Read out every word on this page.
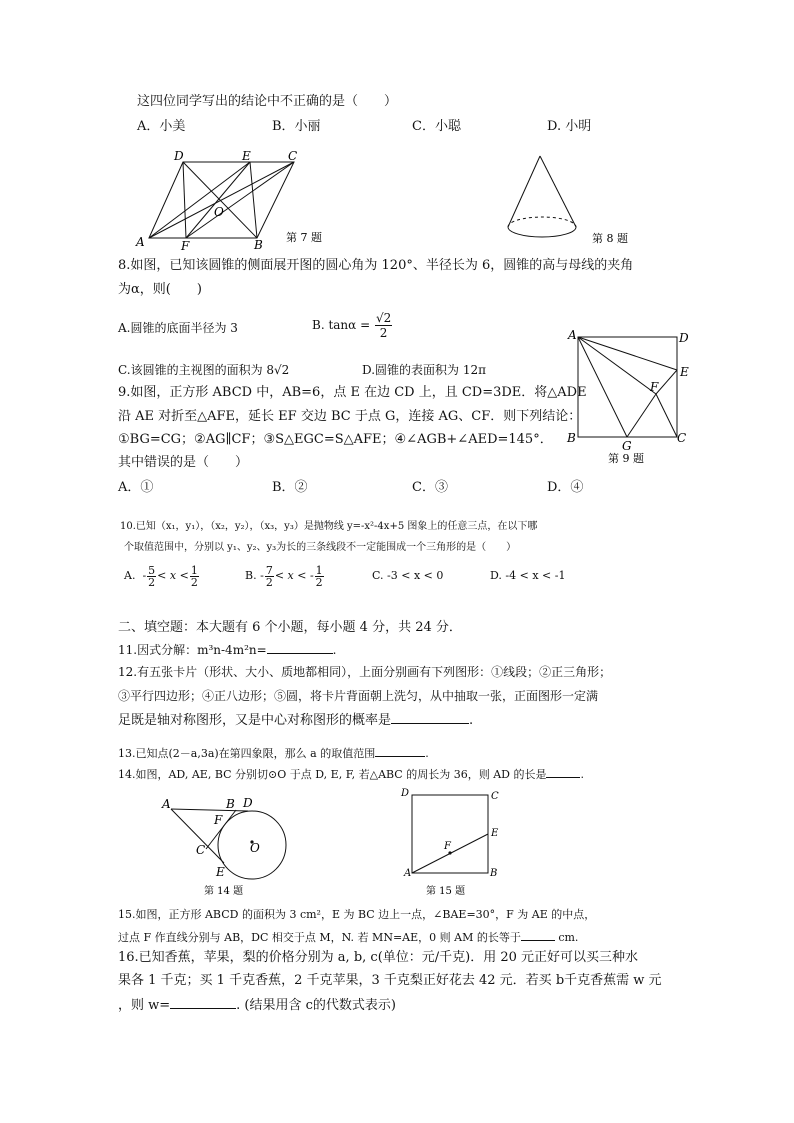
这四位同学写出的结论中不正确的是（　　）
A．小美	B．小丽	C．小聪	D. 小明
D	E	C
O
A	F	B
第 7 题	第 8 题
8.如图，已知该圆锥的侧面展开图的圆心角为 120°、半径长为 6，圆锥的高与母线的夹角
为α，则(　　)
A.圆锥的底面半径为 3	B. $\tan\alpha = \frac{√2}{2}$
C.该圆锥的主视图的面积为 8√2	D.圆锥的表面积为 12π
A	D
E
F
B
G
C
第 9 题
9.如图，正方形 ABCD 中，AB=6，点 E 在边 CD 上，且 CD=3DE．将△ADE
沿 AE 对折至△AFE，延长 EF 交边 BC 于点 G，连接 AG、CF．则下列结论：
①BG=CG；②AG∥CF；③S△EGC=S△AFE；④∠AGB+∠AED=145°．
其中错误的是（　　）
A．①	B．②	C．③	D．④
10.已知（x₁，y₁），（x₂，y₂），（x₃，y₃）是抛物线 y=-x²-4x+5 图象上的任意三点，在以下哪
个取值范围中，分别以 y₁、y₂、y₃为长的三条线段不一定能围成一个三角形的是（　　）
A. - $\frac{5}{2} < x < \frac{1}{2}$	B. - $\frac{7}{2} < x$ < - $\frac{1}{2}$	C. -3 < x < 0	D. -4 < x < -1
二、填空题：本大题有 6 个小题，每小题 4 分，共 24 分．
11.因式分解：m³n-4m²n=	.
12.有五张卡片（形状、大小、质地都相同），上面分别画有下列图形：①线段；②正三角形；
③平行四边形；④正八边形；⑤圆，将卡片背面朝上洗匀，从中抽取一张，正面图形一定满
足既是轴对称图形，又是中心对称图形的概率是	.
13.已知点(2－a,3a)在第四象限，那么 a 的取值范围	.
14.如图，AD, AE, BC 分别切⊙O 于点 D, E, F, 若△ABC 的周长为 36，则 AD 的长是	.
A	B D
F
C	O
E
第 14 题
D	C
E
F
A	B
第 15 题
15.如图，正方形 ABCD 的面积为 3 cm²，E 为 BC 边上一点，∠BAE=30°，F 为 AE 的中点，
过点 F 作直线分别与 AB，DC 相交于点 M，N. 若 MN=AE，0 则 AM 的长等于	cm.
16.已知香蕉，苹果，梨的价格分别为 a, b, c(单位：元/千克)．用 20 元正好可以买三种水
果各 1 千克；买 1 千克香蕉，2 千克苹果，3 千克梨正好花去 42 元．若买 b千克香蕉需 w 元
，则 w=	. (结果用含 c的代数式表示)
